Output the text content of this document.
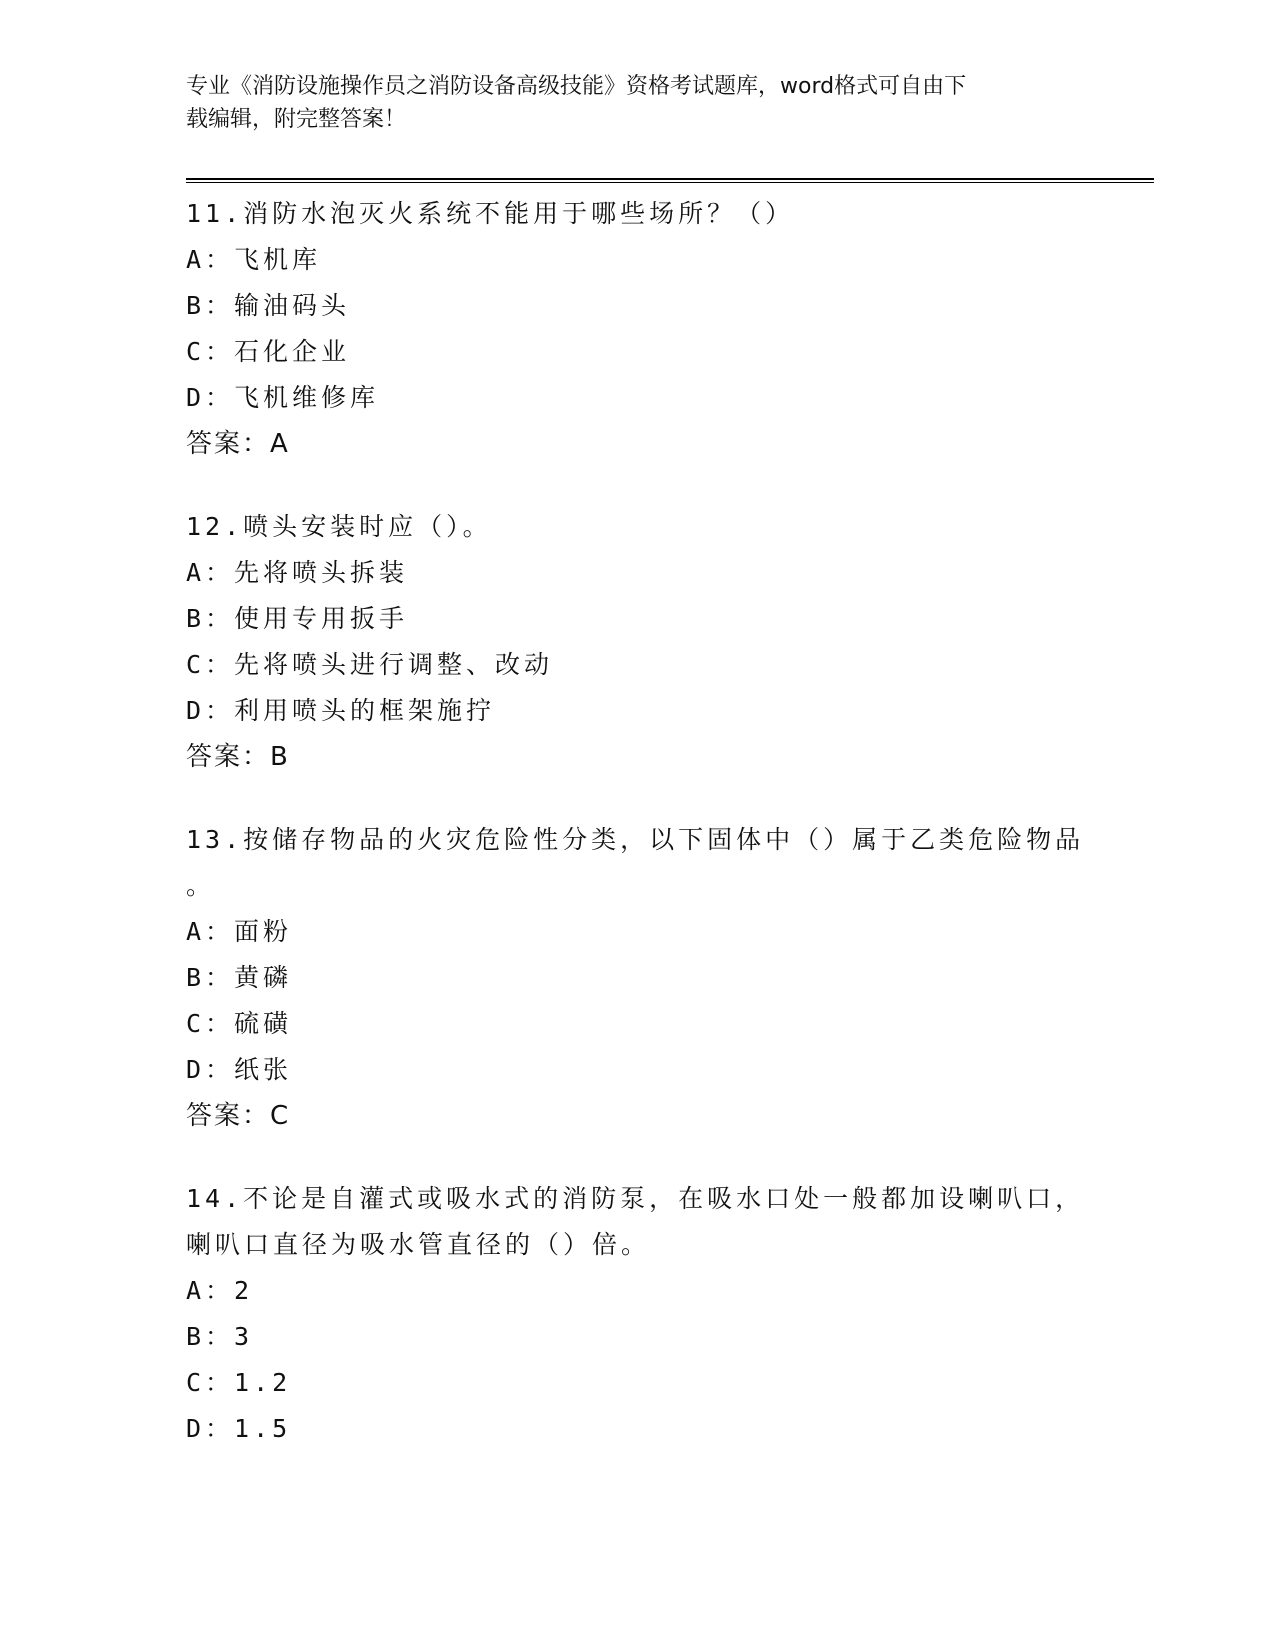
专业《消防设施操作员之消防设备高级技能》资格考试题库，word格式可自由下
载编辑，附完整答案！
11.消防水泡灭火系统不能用于哪些场所？（）
A：飞机库
B：输油码头
C：石化企业
D：飞机维修库
答案：A
12.喷头安装时应（）。
A：先将喷头拆装
B：使用专用扳手
C：先将喷头进行调整、改动
D：利用喷头的框架施拧
答案：B
13.按储存物品的火灾危险性分类，以下固体中（）属于乙类危险物品
。
A：面粉
B：黄磷
C：硫磺
D：纸张
答案：C
14.不论是自灌式或吸水式的消防泵，在吸水口处一般都加设喇叭口，
喇叭口直径为吸水管直径的（）倍。
A：2
B：3
C：1.2
D：1.5
